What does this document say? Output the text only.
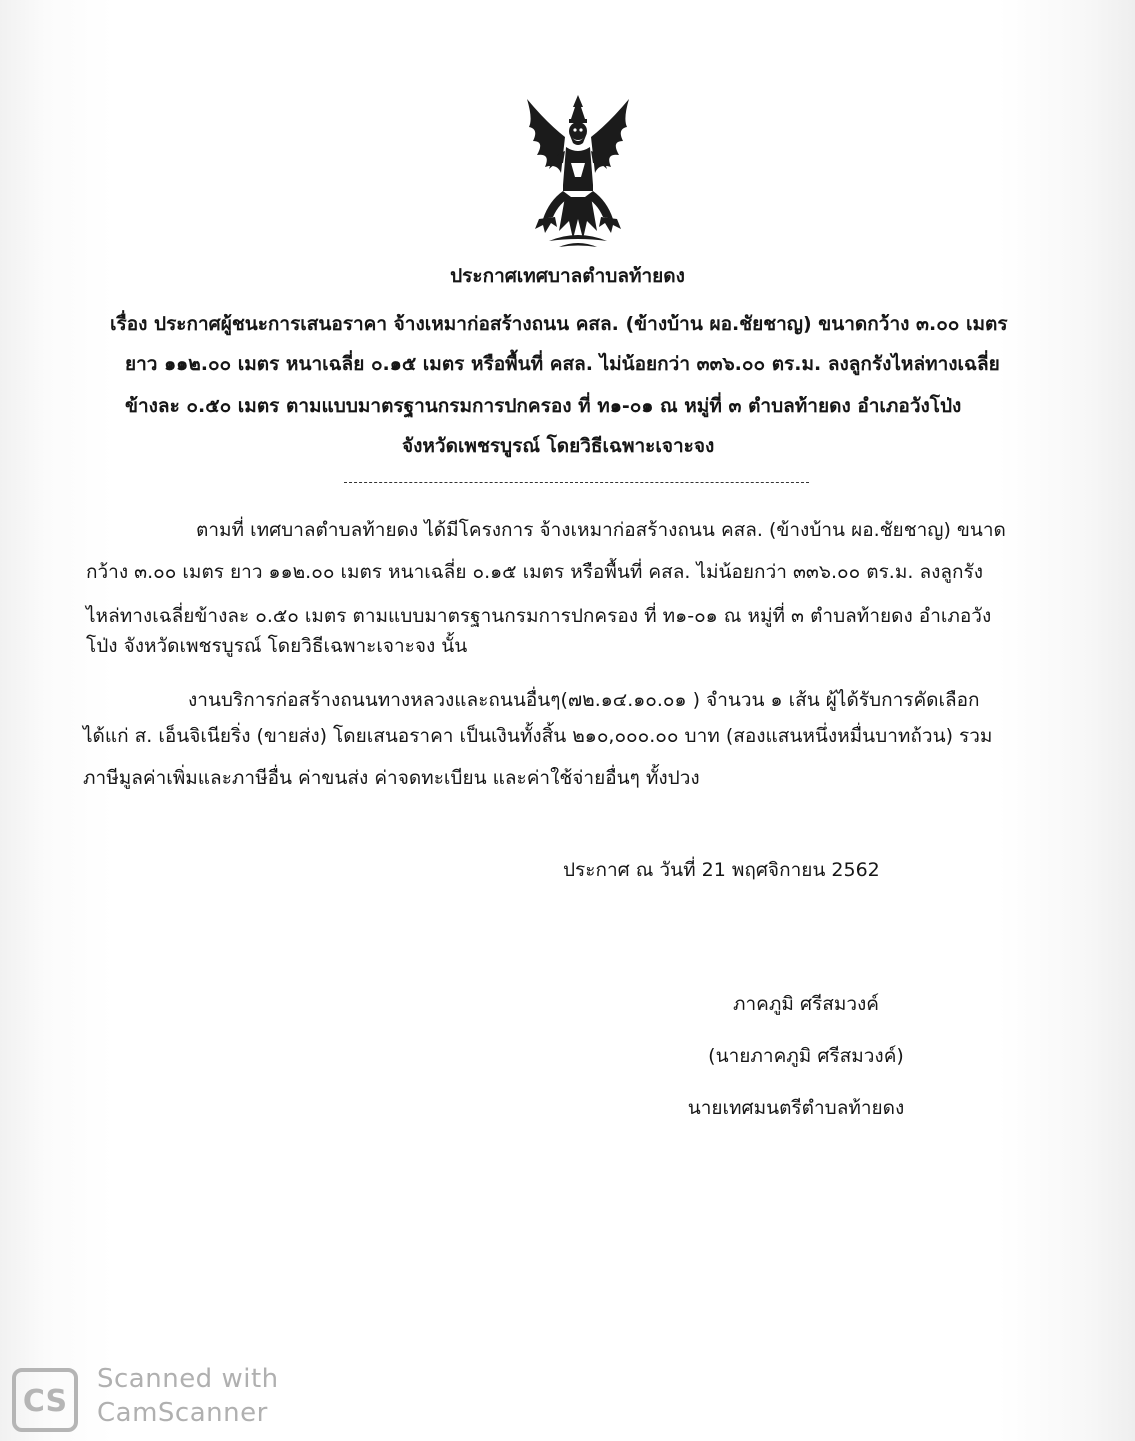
ประกาศเทศบาลตำบลท้ายดง
เรื่อง ประกาศผู้ชนะการเสนอราคา จ้างเหมาก่อสร้างถนน คสล. (ข้างบ้าน ผอ.ชัยชาญ) ขนาดกว้าง ๓.๐๐ เมตร
ยาว ๑๑๒.๐๐ เมตร หนาเฉลี่ย ๐.๑๕ เมตร หรือพื้นที่ คสล. ไม่น้อยกว่า ๓๓๖.๐๐ ตร.ม. ลงลูกรังไหล่ทางเฉลี่ย
ข้างละ ๐.๕๐ เมตร ตามแบบมาตรฐานกรมการปกครอง ที่ ท๑-๐๑ ณ หมู่ที่ ๓ ตำบลท้ายดง อำเภอวังโป่ง
จังหวัดเพชรบูรณ์ โดยวิธีเฉพาะเจาะจง
ตามที่ เทศบาลตำบลท้ายดง ได้มีโครงการ จ้างเหมาก่อสร้างถนน คสล. (ข้างบ้าน ผอ.ชัยชาญ) ขนาด
กว้าง ๓.๐๐ เมตร ยาว ๑๑๒.๐๐ เมตร หนาเฉลี่ย ๐.๑๕ เมตร หรือพื้นที่ คสล. ไม่น้อยกว่า ๓๓๖.๐๐ ตร.ม. ลงลูกรัง
ไหล่ทางเฉลี่ยข้างละ ๐.๕๐ เมตร ตามแบบมาตรฐานกรมการปกครอง ที่ ท๑-๐๑ ณ หมู่ที่ ๓ ตำบลท้ายดง อำเภอวัง
โป่ง จังหวัดเพชรบูรณ์ โดยวิธีเฉพาะเจาะจง นั้น
งานบริการก่อสร้างถนนทางหลวงและถนนอื่นๆ(๗๒.๑๔.๑๐.๐๑ ) จำนวน ๑ เส้น ผู้ได้รับการคัดเลือก
ได้แก่ ส. เอ็นจิเนียริ่ง (ขายส่ง) โดยเสนอราคา เป็นเงินทั้งสิ้น ๒๑๐,๐๐๐.๐๐ บาท (สองแสนหนึ่งหมื่นบาทถ้วน) รวม
ภาษีมูลค่าเพิ่มและภาษีอื่น ค่าขนส่ง ค่าจดทะเบียน และค่าใช้จ่ายอื่นๆ ทั้งปวง
ประกาศ ณ วันที่ 21 พฤศจิกายน 2562
ภาคภูมิ ศรีสมวงค์
(นายภาคภูมิ ศรีสมวงค์)
นายเทศมนตรีตำบลท้ายดง
CS
Scanned with
CamScanner
